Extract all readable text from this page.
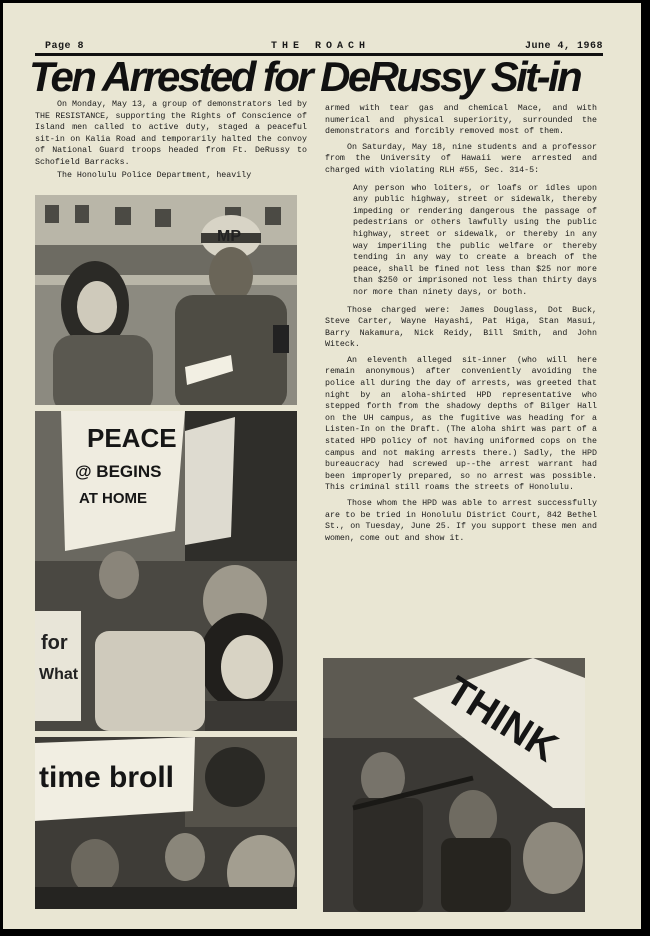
Page 8	THE ROACH	June 4, 1968
Ten Arrested for DeRussy Sit-in

On Monday, May 13, a group of demonstrators led by THE RESISTANCE, supporting the Rights of Conscience of Island men called to active duty, staged a peaceful sit-in on Kalia Road and temporarily halted the convoy of National Guard troops headed from Ft. DeRussy to Schofield Barracks.

The Honolulu Police Department, heavily

armed with tear gas and chemical Mace, and with numerical and physical superiority, surrounded the demonstrators and forcibly removed most of them.

On Saturday, May 18, nine students and a professor from the University of Hawaii were arrested and charged with violating RLH #55, Sec. 314-5:

Any person who loiters, or loafs or idles upon any public highway, street or sidewalk, thereby impeding or rendering dangerous the passage of pedestrians or others lawfully using the public highway, street or sidewalk, or thereby in any way imperiling the public welfare or thereby tending in any way to create a breach of the peace, shall be fined not less than $25 nor more than $250 or imprisoned not less than thirty days nor more than ninety days, or both.

Those charged were: James Douglass, Dot Buck, Steve Carter, Wayne Hayashi, Pat Higa, Stan Masui, Barry Nakamura, Nick Reidy, Bill Smith, and John Witeck.

An eleventh alleged sit-inner (who will here remain anonymous) after conveniently avoiding the police all during the day of arrests, was greeted that night by an aloha-shirted HPD representative who stepped forth from the shadowy depths of Bilger Hall on the UH campus, as the fugitive was heading for a Listen-In on the Draft. (The aloha shirt was part of a stated HPD policy of not having uniformed cops on the campus and not making arrests there.) Sadly, the HPD bureaucracy had screwed up--the arrest warrant had been improperly prepared, so no arrest was possible. This criminal still roams the streets of Honolulu.

Those whom the HPD was able to arrest successfully are to be tried in Honolulu District Court, 842 Bethel St., on Tuesday, June 25. If you support these men and women, come out and show it.

MP
PEACE
@ BEGINS
AT HOME
for
What
time broll
THINK
